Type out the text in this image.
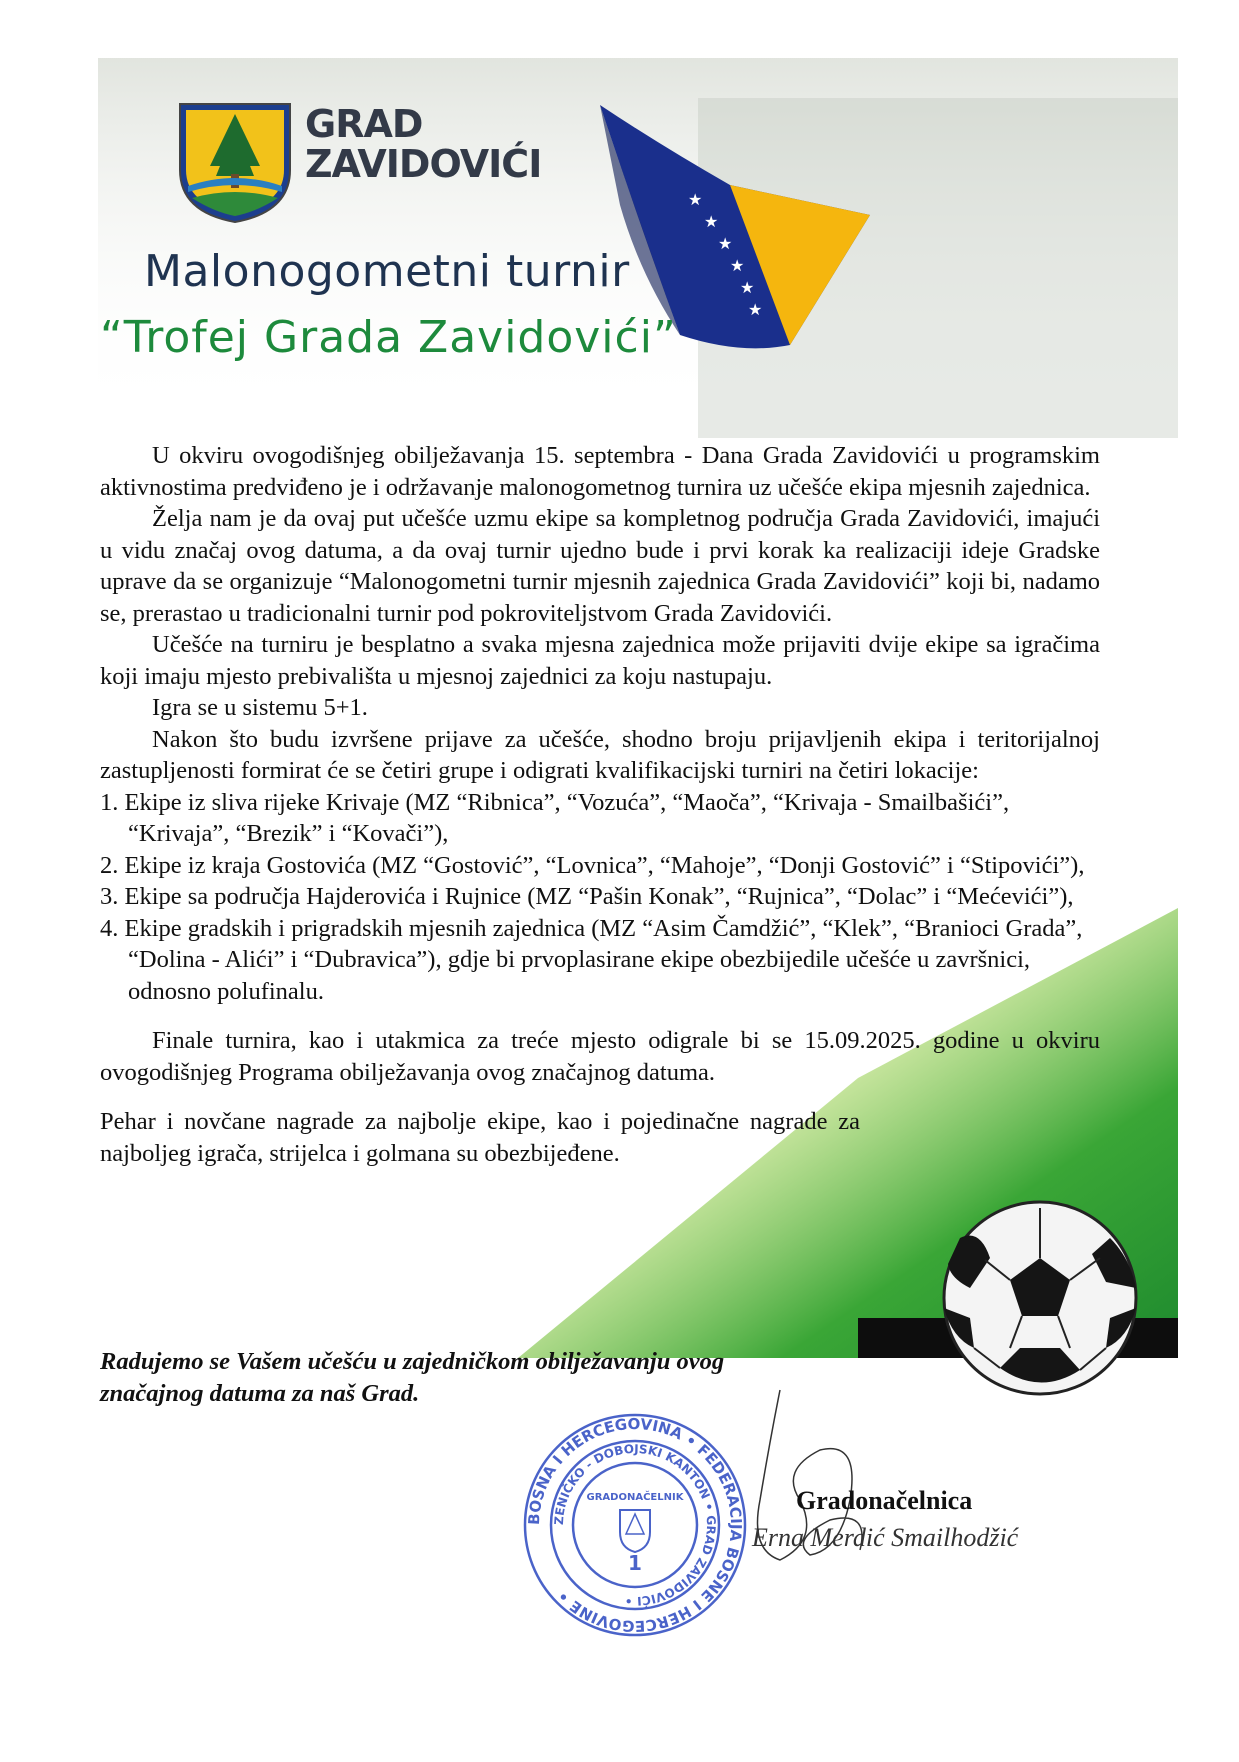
GRAD
ZAVIDOVIĆI
★
★
★
★
★
★
Malonogometni turnir
“Trofej Grada Zavidovići”

U okviru ovogodišnjeg obilježavanja 15. septembra - Dana Grada Zavidovići u programskim aktivnostima predviđeno je i održavanje malonogometnog turnira uz učešće ekipa mjesnih zajednica.

Želja nam je da ovaj put učešće uzmu ekipe sa kompletnog područja Grada Zavidovići, imajući u vidu značaj ovog datuma, a da ovaj turnir ujedno bude i prvi korak ka realizaciji ideje Gradske uprave da se organizuje “Malonogometni turnir mjesnih zajednica Grada Zavidovići” koji bi, nadamo se, prerastao u tradicionalni turnir pod pokroviteljstvom Grada Zavidovići.

Učešće na turniru je besplatno a svaka mjesna zajednica može prijaviti dvije ekipe sa igračima koji imaju mjesto prebivališta u mjesnoj zajednici za koju nastupaju.

Igra se u sistemu 5+1.

Nakon što budu izvršene prijave za učešće, shodno broju prijavljenih ekipa i teritorijalnoj zastupljenosti formirat će se četiri grupe i odigrati kvalifikacijski turniri na četiri lokacije:

1. Ekipe iz sliva rijeke Krivaje (MZ “Ribnica”, “Vozuća”, “Maoča”, “Krivaja - Smailbašići”, “Krivaja”, “Brezik” i “Kovači”),
2. Ekipe iz kraja Gostovića (MZ “Gostović”, “Lovnica”, “Mahoje”, “Donji Gostović” i “Stipovići”),
3. Ekipe sa područja Hajderovića i Rujnice (MZ “Pašin Konak”, “Rujnica”, “Dolac” i “Mećevići”),
4. Ekipe gradskih i prigradskih mjesnih zajednica (MZ “Asim Čamdžić”, “Klek”, “Branioci Grada”, “Dolina - Alići” i “Dubravica”), gdje bi prvoplasirane ekipe obezbijedile učešće u završnici, odnosno polufinalu.

Finale turnira, kao i utakmica za treće mjesto odigrale bi se 15.09.2025. godine u okviru ovogodišnjeg Programa obilježavanja ovog značajnog datuma.

Pehar i novčane nagrade za najbolje ekipe, kao i pojedinačne nagrade za najboljeg igrača, strijelca i golmana su obezbijeđene.

Radujemo se Vašem učešću u zajedničkom obilježavanju ovog značajnog datuma za naš Grad.
BOSNA I HERCEGOVINA • FEDERACIJA BOSNE I HERCEGOVINE •
ZENIČKO - DOBOJSKI KANTON • GRAD ZAVIDOVIĆI •
GRADONAČELNIK
1
Gradonačelnica
Erna Merdić Smailhodžić
